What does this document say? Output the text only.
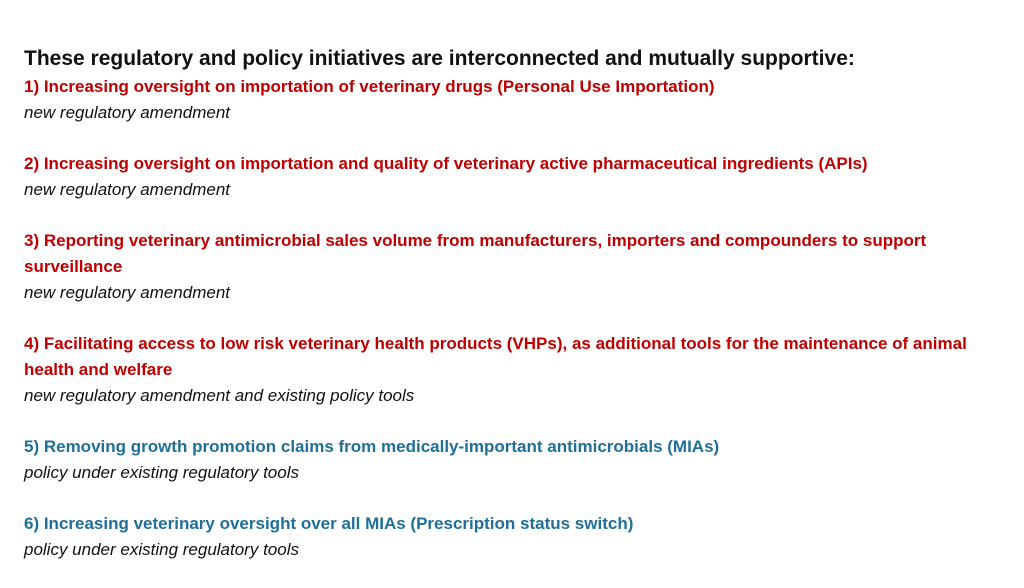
These regulatory and policy initiatives are interconnected and mutually supportive:
1) Increasing oversight on importation of veterinary drugs (Personal Use Importation)
new regulatory amendment
2) Increasing oversight on importation and quality of veterinary active pharmaceutical ingredients (APIs)
new regulatory amendment
3) Reporting veterinary antimicrobial sales volume from manufacturers, importers and compounders to support surveillance
new regulatory amendment
4) Facilitating access to low risk veterinary health products (VHPs), as additional tools for the maintenance of animal health and welfare
new regulatory amendment and existing policy tools
5) Removing growth promotion claims from medically-important antimicrobials (MIAs)
policy under existing regulatory tools
6) Increasing veterinary oversight over all MIAs (Prescription status switch)
policy under existing regulatory tools
